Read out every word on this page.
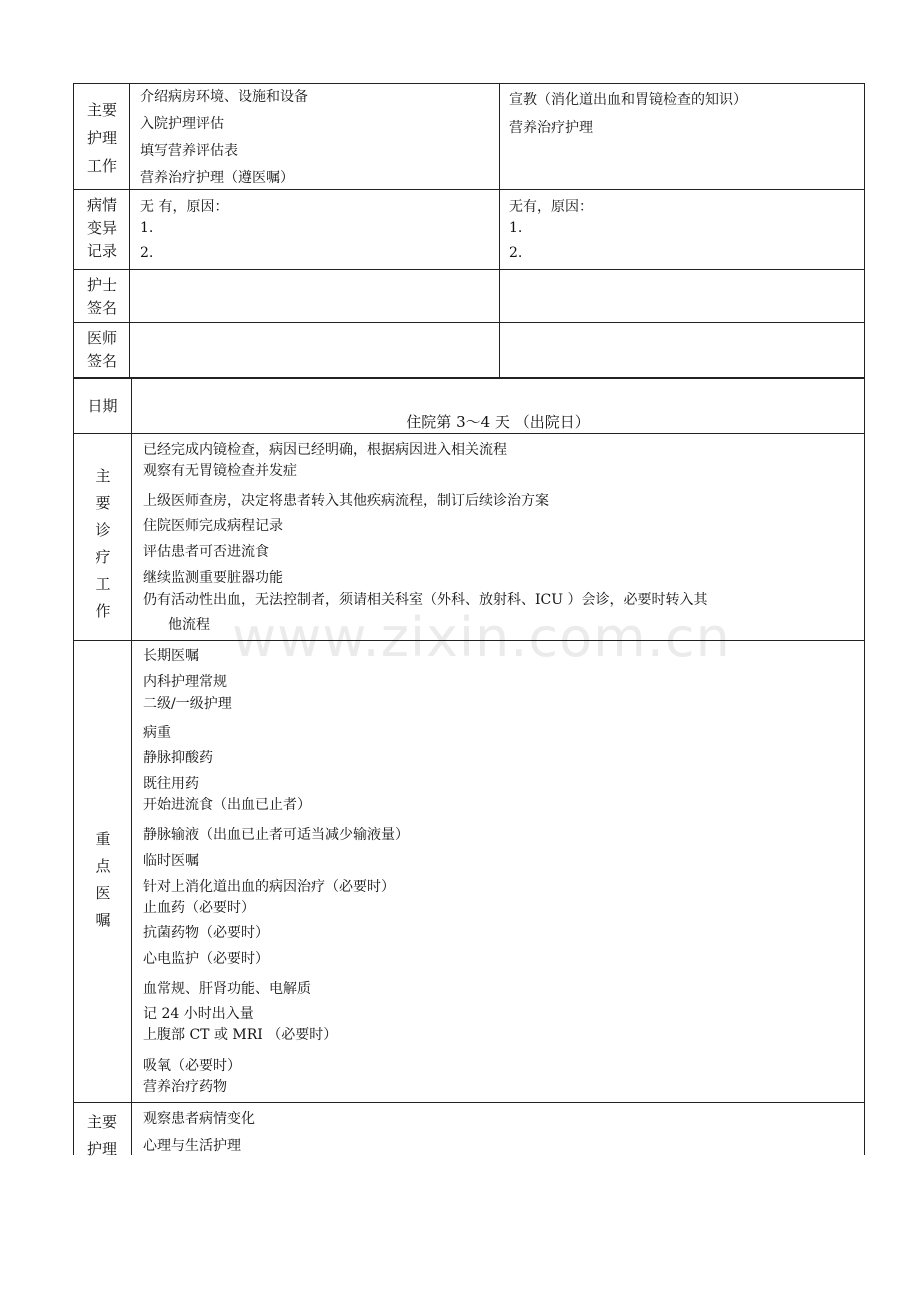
主要护理工作
介绍病房环境、设施和设备
入院护理评估
填写营养评估表
营养治疗护理（遵医嘱）
宣教（消化道出血和胃镜检查的知识）
营养治疗护理
病情变异记录
无 有，原因：
1.
2.
无有，原因：
1.
2.
护士签名
医师签名
日期
住院第 3～4 天 （出院日）
主要诊疗工作
已经完成内镜检查，病因已经明确，根据病因进入相关流程
观察有无胃镜检查并发症
上级医师查房，决定将患者转入其他疾病流程，制订后续诊治方案
住院医师完成病程记录
评估患者可否进流食
继续监测重要脏器功能
仍有活动性出血，无法控制者，须请相关科室（外科、放射科、ICU ）会诊，必要时转入其
他流程
重点医嘱
长期医嘱
内科护理常规
二级/一级护理
病重
静脉抑酸药
既往用药
开始进流食（出血已止者）
静脉输液（出血已止者可适当减少输液量）
临时医嘱
针对上消化道出血的病因治疗（必要时）
止血药（必要时）
抗菌药物（必要时）
心电监护（必要时）
血常规、肝肾功能、电解质
记 24 小时出入量
上腹部 CT 或 MRI （必要时）
吸氧（必要时）
营养治疗药物
主要护理
观察患者病情变化
心理与生活护理
www.zixin.com.cn
